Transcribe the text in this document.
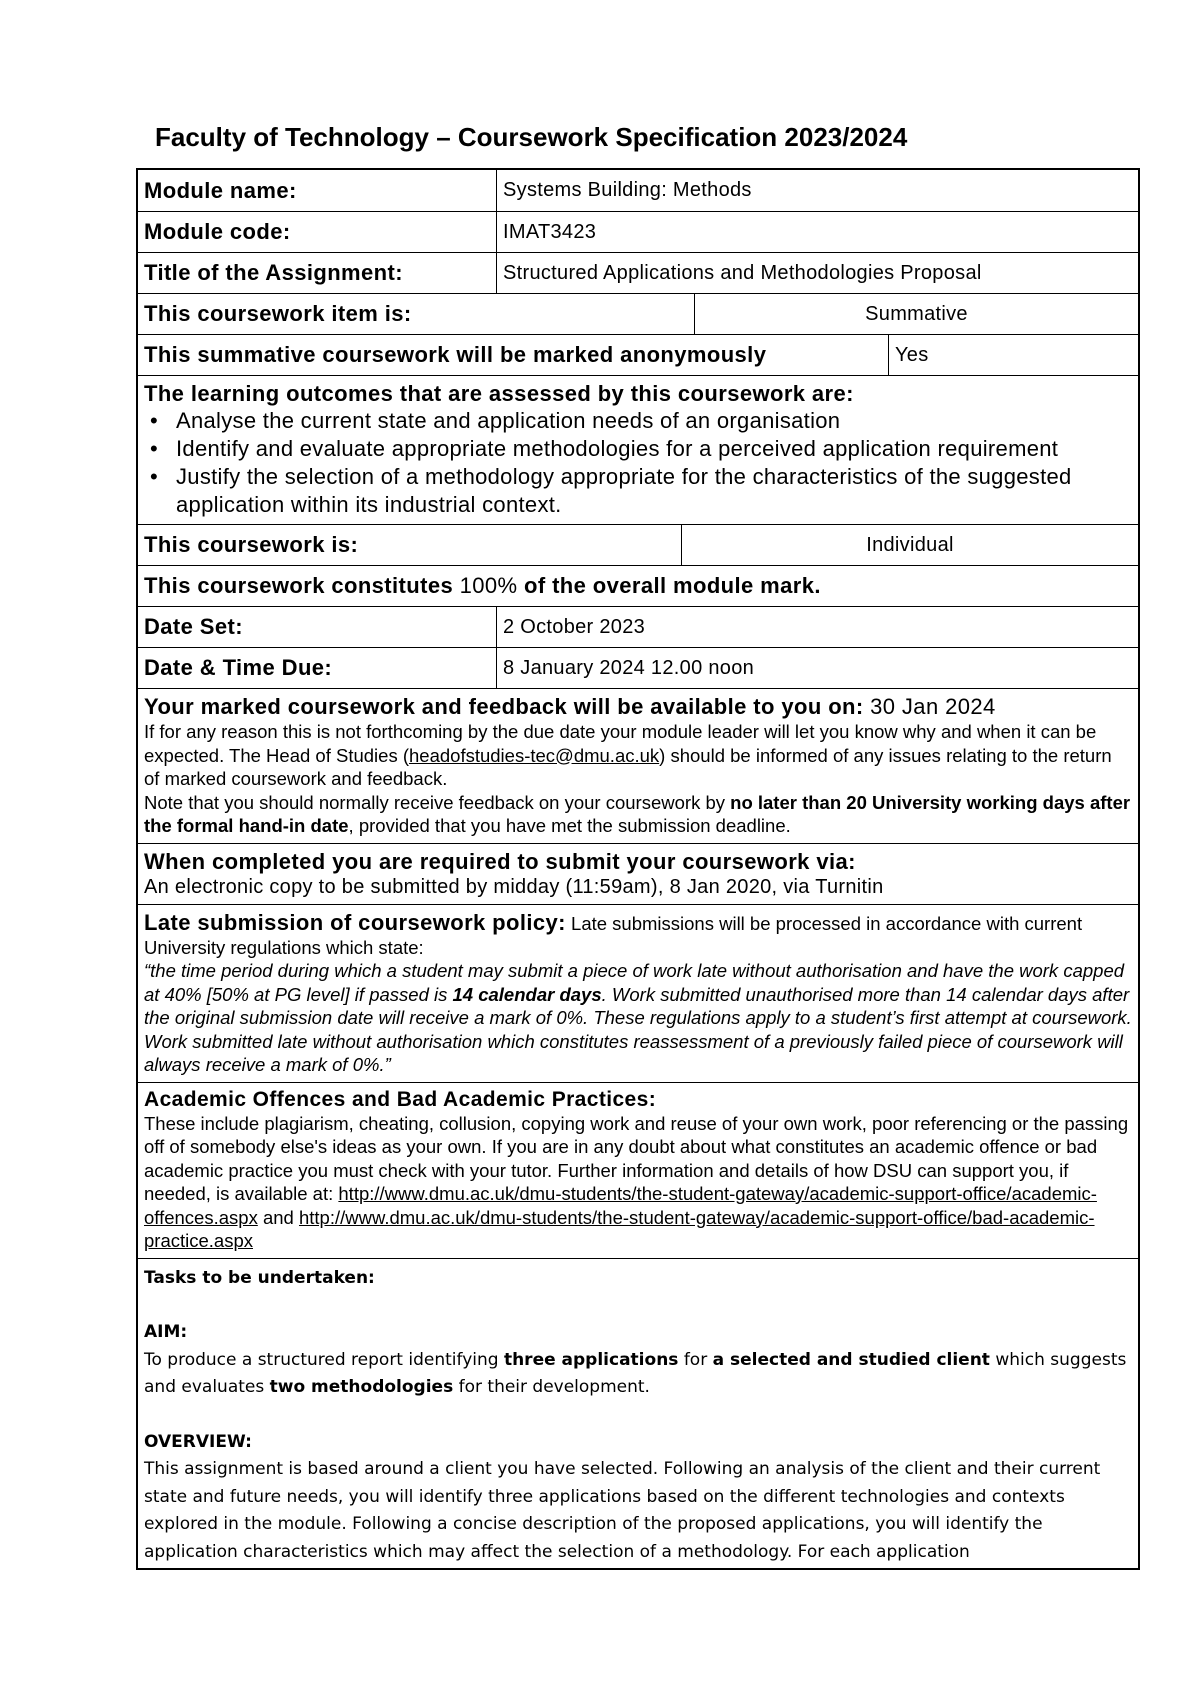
Faculty of Technology – Coursework Specification 2023/2024
Module name:	Systems Building: Methods
Module code:	IMAT3423
Title of the Assignment:	Structured Applications and Methodologies Proposal
This coursework item is:	Summative
This summative coursework will be marked anonymously	Yes
The learning outcomes that are assessed by this coursework are:
• Analyse the current state and application needs of an organisation
• Identify and evaluate appropriate methodologies for a perceived application requirement
• Justify the selection of a methodology appropriate for the characteristics of the suggested application within its industrial context.
This coursework is:	Individual
This coursework constitutes 100% of the overall module mark.
Date Set:	2 October 2023
Date & Time Due:	8 January 2024 12.00 noon
Your marked coursework and feedback will be available to you on: 30 Jan 2024
If for any reason this is not forthcoming by the due date your module leader will let you know why and when it can be expected. The Head of Studies (headofstudies-tec@dmu.ac.uk) should be informed of any issues relating to the return of marked coursework and feedback.
Note that you should normally receive feedback on your coursework by no later than 20 University working days after the formal hand-in date, provided that you have met the submission deadline.
When completed you are required to submit your coursework via:
An electronic copy to be submitted by midday (11:59am), 8 Jan 2020, via Turnitin
Late submission of coursework policy: Late submissions will be processed in accordance with current University regulations which state:
“the time period during which a student may submit a piece of work late without authorisation and have the work capped at 40% [50% at PG level] if passed is 14 calendar days. Work submitted unauthorised more than 14 calendar days after the original submission date will receive a mark of 0%. These regulations apply to a student’s first attempt at coursework. Work submitted late without authorisation which constitutes reassessment of a previously failed piece of coursework will always receive a mark of 0%.”
Academic Offences and Bad Academic Practices:
These include plagiarism, cheating, collusion, copying work and reuse of your own work, poor referencing or the passing off of somebody else's ideas as your own. If you are in any doubt about what constitutes an academic offence or bad academic practice you must check with your tutor. Further information and details of how DSU can support you, if needed, is available at: http://www.dmu.ac.uk/dmu-students/the-student-gateway/academic-support-office/academic-offences.aspx and http://www.dmu.ac.uk/dmu-students/the-student-gateway/academic-support-office/bad-academic-practice.aspx

Tasks to be undertaken:

AIM:

To produce a structured report identifying three applications for a selected and studied client which suggests and evaluates two methodologies for their development.

OVERVIEW:

This assignment is based around a client you have selected. Following an analysis of the client and their current state and future needs, you will identify three applications based on the different technologies and contexts explored in the module. Following a concise description of the proposed applications, you will identify the application characteristics which may affect the selection of a methodology. For each application
